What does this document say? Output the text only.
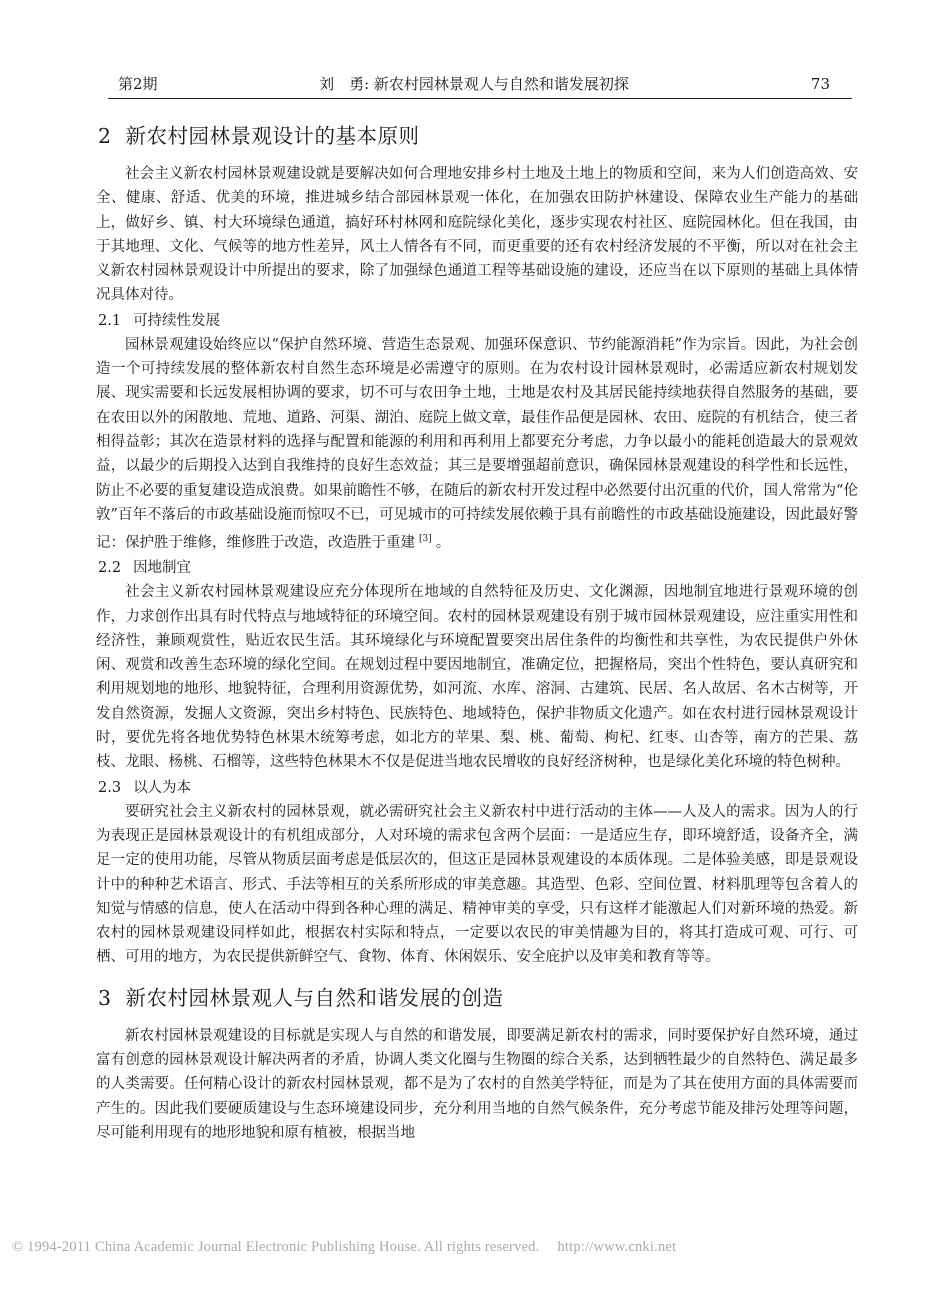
第2期	刘　勇: 新农村园林景观人与自然和谐发展初探	73
2 新农村园林景观设计的基本原则

社会主义新农村园林景观建设就是要解决如何合理地安排乡村土地及土地上的物质和空间，来为人们创造高效、安全、健康、舒适、优美的环境，推进城乡结合部园林景观一体化，在加强农田防护林建设、保障农业生产能力的基础上，做好乡、镇、村大环境绿色通道，搞好环村林网和庭院绿化美化，逐步实现农村社区、庭院园林化。但在我国，由于其地理、文化、气候等的地方性差异，风土人情各有不同，而更重要的还有农村经济发展的不平衡，所以对在社会主义新农村园林景观设计中所提出的要求，除了加强绿色通道工程等基础设施的建设，还应当在以下原则的基础上具体情况具体对待。

2.1 可持续性发展

园林景观建设始终应以“保护自然环境、营造生态景观、加强环保意识、节约能源消耗”作为宗旨。因此，为社会创造一个可持续发展的整体新农村自然生态环境是必需遵守的原则。在为农村设计园林景观时，必需适应新农村规划发展、现实需要和长远发展相协调的要求，切不可与农田争土地，土地是农村及其居民能持续地获得自然服务的基础，要在农田以外的闲散地、荒地、道路、河渠、湖泊、庭院上做文章，最佳作品便是园林、农田、庭院的有机结合，使三者相得益彰；其次在造景材料的选择与配置和能源的利用和再利用上都要充分考虑，力争以最小的能耗创造最大的景观效益，以最少的后期投入达到自我维持的良好生态效益；其三是要增强超前意识，确保园林景观建设的科学性和长远性，防止不必要的重复建设造成浪费。如果前瞻性不够，在随后的新农村开发过程中必然要付出沉重的代价，国人常常为“伦敦”百年不落后的市政基础设施而惊叹不已，可见城市的可持续发展依赖于具有前瞻性的市政基础设施建设，因此最好警记：保护胜于维修，维修胜于改造，改造胜于重建 [3] 。

2.2 因地制宜

社会主义新农村园林景观建设应充分体现所在地域的自然特征及历史、文化渊源，因地制宜地进行景观环境的创作，力求创作出具有时代特点与地域特征的环境空间。农村的园林景观建设有别于城市园林景观建设，应注重实用性和经济性，兼顾观赏性，贴近农民生活。其环境绿化与环境配置要突出居住条件的均衡性和共享性，为农民提供户外休闲、观赏和改善生态环境的绿化空间。在规划过程中要因地制宜，准确定位，把握格局，突出个性特色，要认真研究和利用规划地的地形、地貌特征，合理利用资源优势，如河流、水库、溶洞、古建筑、民居、名人故居、名木古树等，开发自然资源，发掘人文资源，突出乡村特色、民族特色、地域特色，保护非物质文化遗产。如在农村进行园林景观设计时，要优先将各地优势特色林果木统筹考虑，如北方的苹果、梨、桃、葡萄、枸杞、红枣、山杏等，南方的芒果、荔枝、龙眼、杨桃、石榴等，这些特色林果木不仅是促进当地农民增收的良好经济树种，也是绿化美化环境的特色树种。

2.3 以人为本

要研究社会主义新农村的园林景观，就必需研究社会主义新农村中进行活动的主体——人及人的需求。因为人的行为表现正是园林景观设计的有机组成部分，人对环境的需求包含两个层面：一是适应生存，即环境舒适，设备齐全，满足一定的使用功能，尽管从物质层面考虑是低层次的，但这正是园林景观建设的本质体现。二是体验美感，即是景观设计中的种种艺术语言、形式、手法等相互的关系所形成的审美意趣。其造型、色彩、空间位置、材料肌理等包含着人的知觉与情感的信息，使人在活动中得到各种心理的满足、精神审美的享受，只有这样才能激起人们对新环境的热爱。新农村的园林景观建设同样如此，根据农村实际和特点，一定要以农民的审美情趣为目的，将其打造成可观、可行、可栖、可用的地方，为农民提供新鲜空气、食物、体育、休闲娱乐、安全庇护以及审美和教育等等。

3 新农村园林景观人与自然和谐发展的创造

新农村园林景观建设的目标就是实现人与自然的和谐发展，即要满足新农村的需求，同时要保护好自然环境，通过富有创意的园林景观设计解决两者的矛盾，协调人类文化圈与生物圈的综合关系，达到牺牲最少的自然特色、满足最多的人类需要。任何精心设计的新农村园林景观，都不是为了农村的自然美学特征，而是为了其在使用方面的具体需要而产生的。因此我们要硬质建设与生态环境建设同步，充分利用当地的自然气候条件，充分考虑节能及排污处理等问题，尽可能利用现有的地形地貌和原有植被，根据当地

© 1994-2011 China Academic Journal Electronic Publishing House. All rights reserved. http://www.cnki.net
